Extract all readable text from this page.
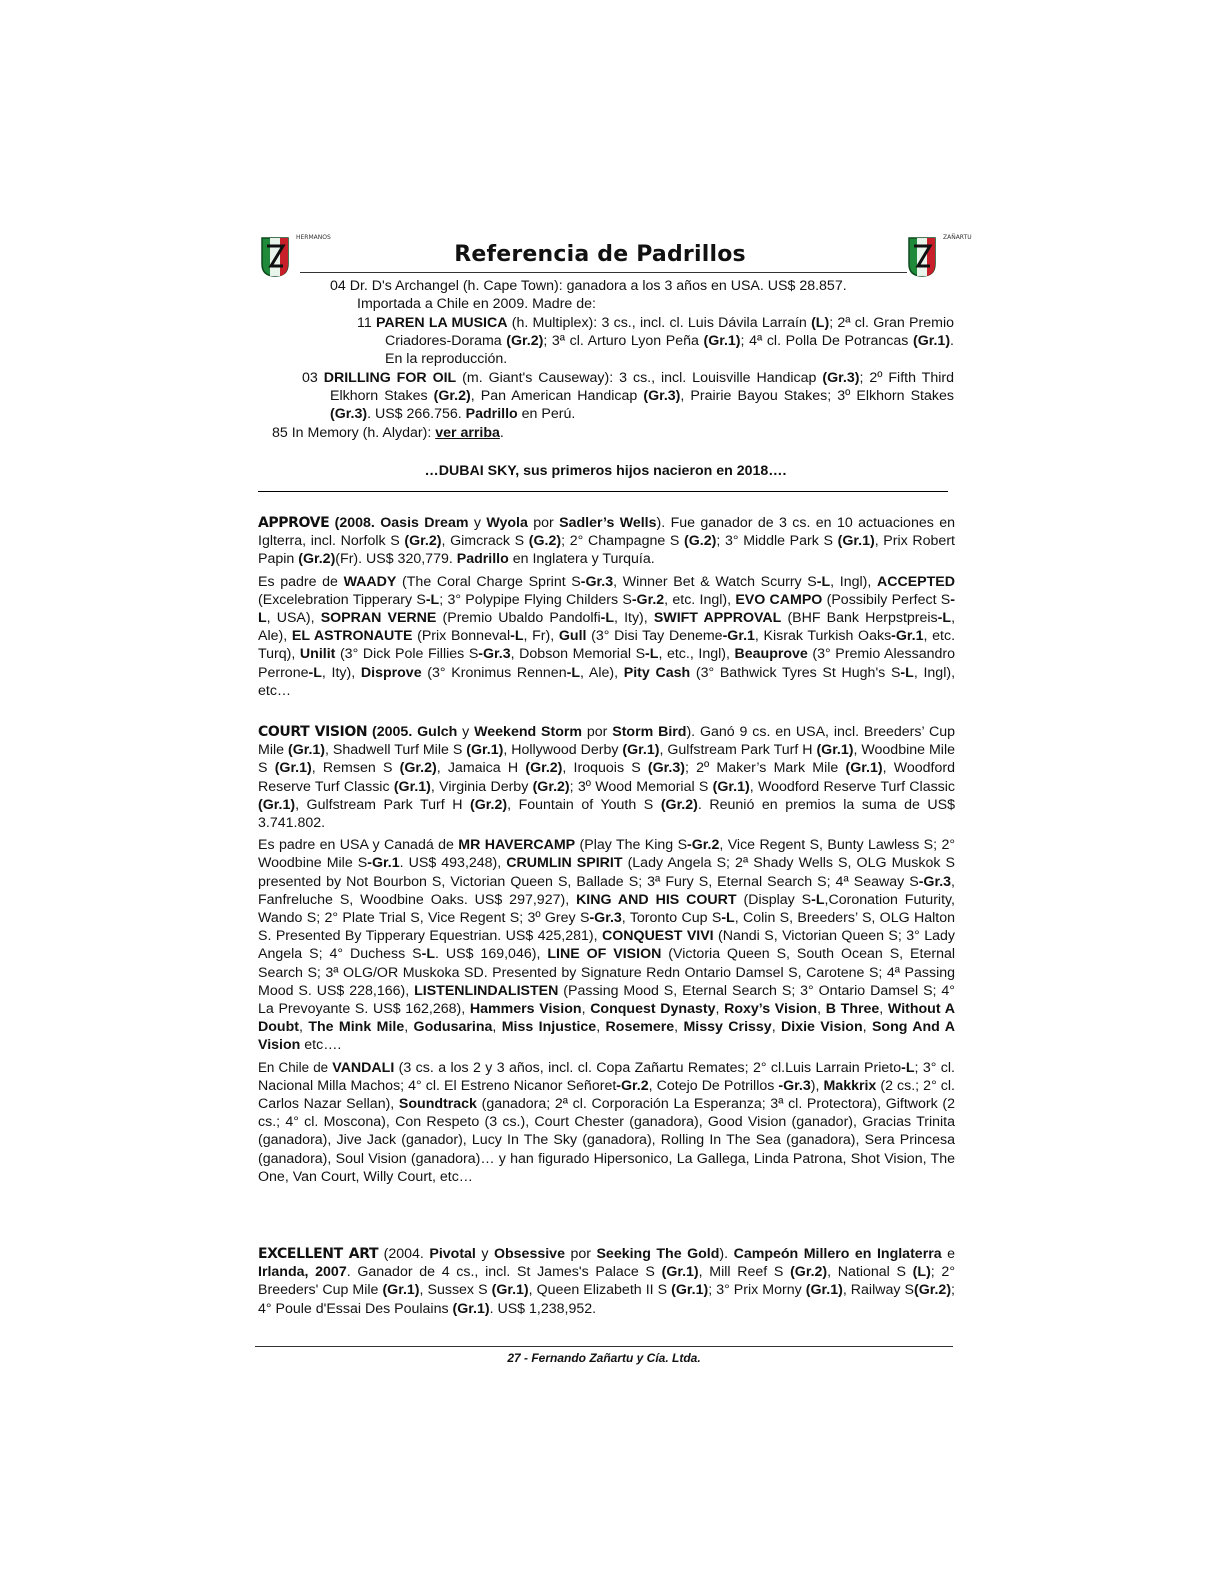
HERMANOS	ZAÑARTU
Referencia de Padrillos
04 Dr. D's Archangel (h. Cape Town): ganadora a los 3 años en USA. US$ 28.857.
Importada a Chile en 2009. Madre de:
11 PAREN LA MUSICA (h. Multiplex): 3 cs., incl. cl. Luis Dávila Larraín (L); 2ª cl. Gran Premio Criadores-Dorama (Gr.2); 3ª cl. Arturo Lyon Peña (Gr.1); 4ª cl. Polla De Potrancas (Gr.1). En la reproducción.
03 DRILLING FOR OIL (m. Giant's Causeway): 3 cs., incl. Louisville Handicap (Gr.3); 2º Fifth Third Elkhorn Stakes (Gr.2), Pan American Handicap (Gr.3), Prairie Bayou Stakes; 3º Elkhorn Stakes (Gr.3). US$ 266.756. Padrillo en Perú.
85 In Memory (h. Alydar): ver arriba.
…DUBAI SKY, sus primeros hijos nacieron en 2018….

APPROVE (2008. Oasis Dream y Wyola por Sadler’s Wells). Fue ganador de 3 cs. en 10 actuaciones en Iglterra, incl. Norfolk S (Gr.2), Gimcrack S (G.2); 2° Champagne S (G.2); 3° Middle Park S (Gr.1), Prix Robert Papin (Gr.2)(Fr). US$ 320,779. Padrillo en Inglatera y Turquía.

Es padre de WAADY (The Coral Charge Sprint S-Gr.3, Winner Bet & Watch Scurry S-L, Ingl), ACCEPTED (Excelebration Tipperary S-L; 3° Polypipe Flying Childers S-Gr.2, etc. Ingl), EVO CAMPO (Possibily Perfect S-L, USA), SOPRAN VERNE (Premio Ubaldo Pandolfi-L, Ity), SWIFT APPROVAL (BHF Bank Herpstpreis-L, Ale), EL ASTRONAUTE (Prix Bonneval-L, Fr), Gull (3° Disi Tay Deneme-Gr.1, Kisrak Turkish Oaks-Gr.1, etc. Turq), Unilit (3° Dick Pole Fillies S-Gr.3, Dobson Memorial S-L, etc., Ingl), Beauprove (3° Premio Alessandro Perrone-L, Ity), Disprove (3° Kronimus Rennen-L, Ale), Pity Cash (3° Bathwick Tyres St Hugh's S-L, Ingl), etc…

COURT VISION (2005. Gulch y Weekend Storm por Storm Bird). Ganó 9 cs. en USA, incl. Breeders’ Cup Mile (Gr.1), Shadwell Turf Mile S (Gr.1), Hollywood Derby (Gr.1), Gulfstream Park Turf H (Gr.1), Woodbine Mile S (Gr.1), Remsen S (Gr.2), Jamaica H (Gr.2), Iroquois S (Gr.3); 2º Maker’s Mark Mile (Gr.1), Woodford Reserve Turf Classic (Gr.1), Virginia Derby (Gr.2); 3º Wood Memorial S (Gr.1), Woodford Reserve Turf Classic (Gr.1), Gulfstream Park Turf H (Gr.2), Fountain of Youth S (Gr.2). Reunió en premios la suma de US$ 3.741.802.

Es padre en USA y Canadá de MR HAVERCAMP (Play The King S-Gr.2, Vice Regent S, Bunty Lawless S; 2° Woodbine Mile S-Gr.1. US$ 493,248), CRUMLIN SPIRIT (Lady Angela S; 2ª Shady Wells S, OLG Muskok S presented by Not Bourbon S, Victorian Queen S, Ballade S; 3ª Fury S, Eternal Search S; 4ª Seaway S-Gr.3, Fanfreluche S, Woodbine Oaks. US$ 297,927), KING AND HIS COURT (Display S-L,Coronation Futurity, Wando S; 2° Plate Trial S, Vice Regent S; 3º Grey S-Gr.3, Toronto Cup S-L, Colin S, Breeders’ S, OLG Halton S. Presented By Tipperary Equestrian. US$ 425,281), CONQUEST VIVI (Nandi S, Victorian Queen S; 3° Lady Angela S; 4° Duchess S-L. US$ 169,046), LINE OF VISION (Victoria Queen S, South Ocean S, Eternal Search S; 3ª OLG/OR Muskoka SD. Presented by Signature Redn Ontario Damsel S, Carotene S; 4ª Passing Mood S. US$ 228,166), LISTENLINDALISTEN (Passing Mood S, Eternal Search S; 3° Ontario Damsel S; 4° La Prevoyante S. US$ 162,268), Hammers Vision, Conquest Dynasty, Roxy’s Vision, B Three, Without A Doubt, The Mink Mile, Godusarina, Miss Injustice, Rosemere, Missy Crissy, Dixie Vision, Song And A Vision etc….

En Chile de VANDALI (3 cs. a los 2 y 3 años, incl. cl. Copa Zañartu Remates; 2° cl.Luis Larrain Prieto-L; 3° cl. Nacional Milla Machos; 4° cl. El Estreno Nicanor Señoret-Gr.2, Cotejo De Potrillos -Gr.3), Makkrix (2 cs.; 2° cl. Carlos Nazar Sellan), Soundtrack (ganadora; 2ª cl. Corporación La Esperanza; 3ª cl. Protectora), Giftwork (2 cs.; 4° cl. Moscona), Con Respeto (3 cs.), Court Chester (ganadora), Good Vision (ganador), Gracias Trinita (ganadora), Jive Jack (ganador), Lucy In The Sky (ganadora), Rolling In The Sea (ganadora), Sera Princesa (ganadora), Soul Vision (ganadora)… y han figurado Hipersonico, La Gallega, Linda Patrona, Shot Vision, The One, Van Court, Willy Court, etc…

EXCELLENT ART (2004. Pivotal y Obsessive por Seeking The Gold). Campeón Millero en Inglaterra e Irlanda, 2007. Ganador de 4 cs., incl. St James's Palace S (Gr.1), Mill Reef S (Gr.2), National S (L); 2° Breeders' Cup Mile (Gr.1), Sussex S (Gr.1), Queen Elizabeth II S (Gr.1); 3° Prix Morny (Gr.1), Railway S(Gr.2); 4° Poule d'Essai Des Poulains (Gr.1). US$ 1,238,952.

27 - Fernando Zañartu y Cía. Ltda.
